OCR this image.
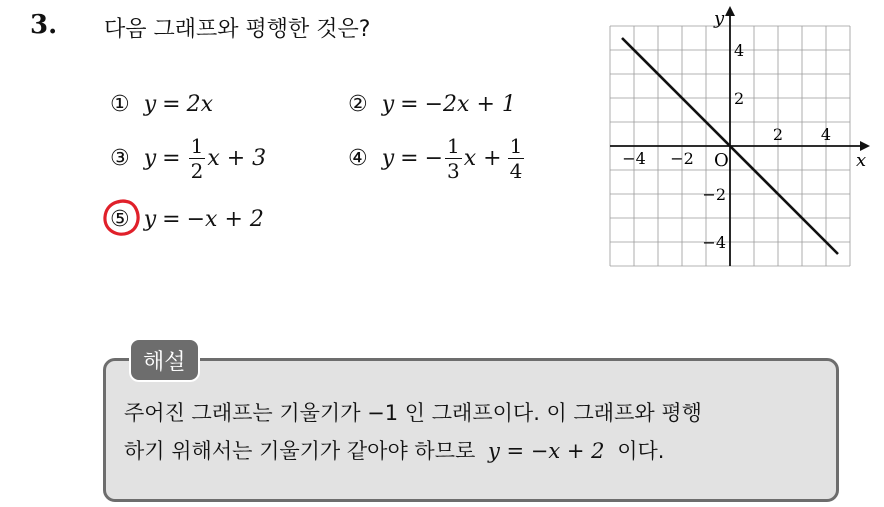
3. 다음 그래프와 평행한 것은?
① y = 2x	② y = −2x + 1
③ $y = \frac{1}{2}$ x + 3	④ y = − $\frac{1}{3}$ $x + \frac{1}{4}$
⑤ y = −x + 2
−4 −2
2 4
4
2
−2
−4
x
y
O
해설
주어진 그래프는 기울기가 −1 인 그래프이다. 이 그래프와 평행
하기 위해서는 기울기가 같아야 하므로 y = −x + 2 이다.
